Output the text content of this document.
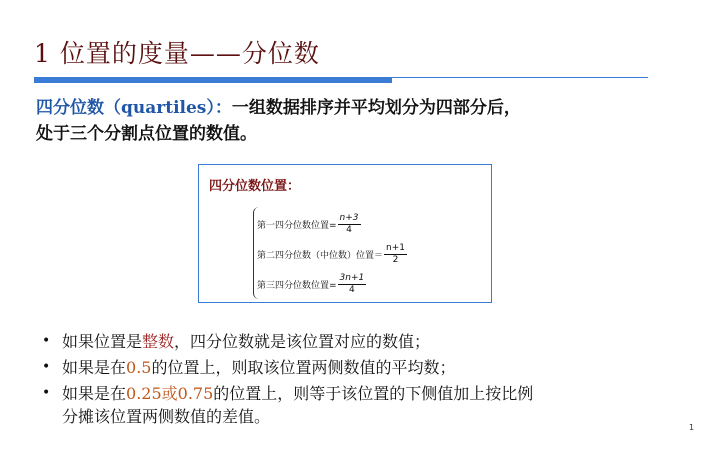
1 位置的度量——分位数

四分位数（quartiles）：一组数据排序并平均划分为四部分后，
处于三个分割点位置的数值。

四分位数位置：
第一四分位数位置= $\frac{n+3}{4}$
第二四分位数（中位数）位置＝ $\frac{n+1}{2}$
第三四分位数位置= $\frac{3n+1}{4}$
• 如果位置是整数，四分位数就是该位置对应的数值；
• 如果是在0.5的位置上，则取该位置两侧数值的平均数；
• 如果是在0.25或0.75的位置上，则等于该位置的下侧值加上按比例
分摊该位置两侧数值的差值。
1
